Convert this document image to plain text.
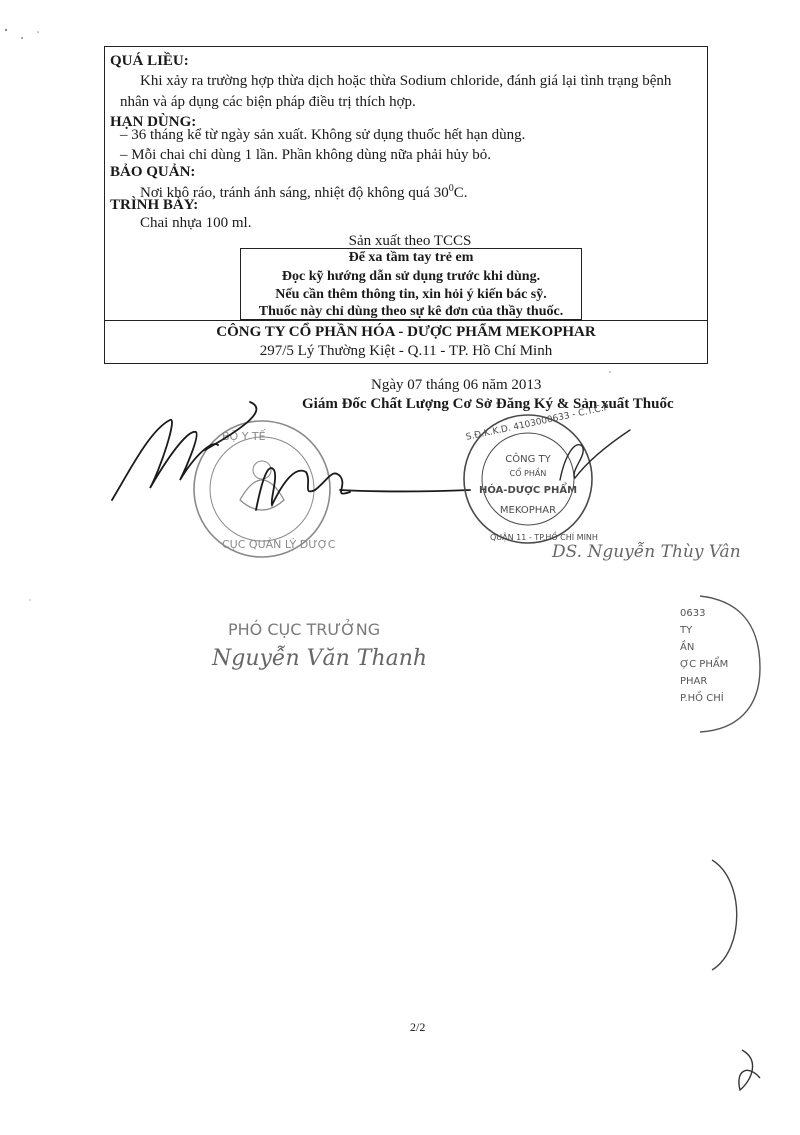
QUÁ LIỀU:
Khi xảy ra trường hợp thừa dịch hoặc thừa Sodium chloride, đánh giá lại tình trạng bệnh
nhân và áp dụng các biện pháp điều trị thích hợp.
HẠN DÙNG:
– 36 tháng kể từ ngày sản xuất. Không sử dụng thuốc hết hạn dùng.
– Mỗi chai chỉ dùng 1 lần. Phần không dùng nữa phải hủy bỏ.
BẢO QUẢN:
Nơi khô ráo, tránh ánh sáng, nhiệt độ không quá $30^0C$.
TRÌNH BÀY:
Chai nhựa 100 ml.
Sản xuất theo TCCS
Để xa tầm tay trẻ em
Đọc kỹ hướng dẫn sử dụng trước khi dùng.
Nếu cần thêm thông tin, xin hỏi ý kiến bác sỹ.
Thuốc này chỉ dùng theo sự kê đơn của thầy thuốc.
CÔNG TY CỔ PHẦN HÓA - DƯỢC PHẨM MEKOPHAR
297/5 Lý Thường Kiệt - Q.11 - TP. Hồ Chí Minh
Ngày 07 tháng 06 năm 2013
Giám Đốc Chất Lượng Cơ Sở Đăng Ký & Sản xuất Thuốc
BỘ Y TẾ
CỤC QUẢN LÝ DƯỢC
S.Đ.K.K.D. 4103000633 - C.T.C.P
CÔNG TY
CỔ PHẦN
HÓA-DƯỢC PHẨM
MEKOPHAR
QUẬN 11 - TP.HỒ CHÍ MINH
DS. Nguyễn Thùy Vân
0633
TY
ẦN
ỢC PHẨM
PHAR
P.HỒ CHÍ
PHÓ CỤC TRƯỞNG
Nguyễn Văn Thanh
2/2
